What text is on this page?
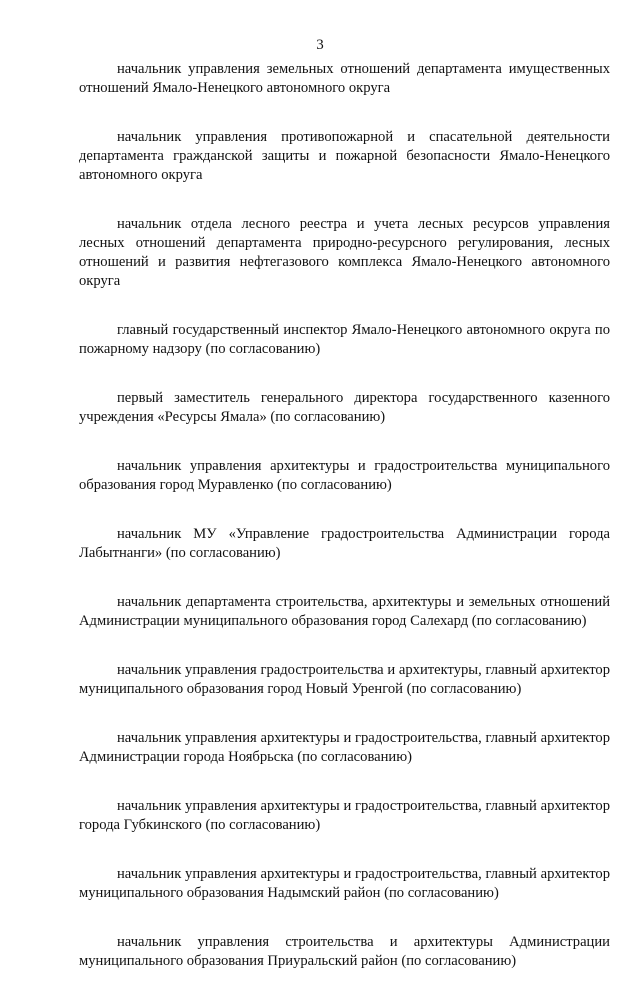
3

начальник управления земельных отношений департамента имущественных отношений Ямало-Ненецкого автономного округа

начальник управления противопожарной и спасательной деятельности департамента гражданской защиты и пожарной безопасности Ямало-Ненецкого автономного округа

начальник отдела лесного реестра и учета лесных ресурсов управления лесных отношений департамента природно-ресурсного регулирования, лесных отношений и развития нефтегазового комплекса Ямало-Ненецкого автономного округа

главный государственный инспектор Ямало-Ненецкого автономного округа по пожарному надзору (по согласованию)

первый заместитель генерального директора государственного казенного учреждения «Ресурсы Ямала» (по согласованию)

начальник управления архитектуры и градостроительства муниципального образования город Муравленко (по согласованию)

начальник МУ «Управление градостроительства Администрации города Лабытнанги» (по согласованию)

начальник департамента строительства, архитектуры и земельных отношений Администрации муниципального образования город Салехард (по согласованию)

начальник управления градостроительства и архитектуры, главный архитектор муниципального образования город Новый Уренгой (по согласованию)

начальник управления архитектуры и градостроительства, главный архитектор Администрации города Ноябрьска (по согласованию)

начальник управления архитектуры и градостроительства, главный архитектор города Губкинского (по согласованию)

начальник управления архитектуры и градостроительства, главный архитектор муниципального образования Надымский район (по согласованию)

начальник управления строительства и архитектуры Администрации муниципального образования Приуральский район (по согласованию)
